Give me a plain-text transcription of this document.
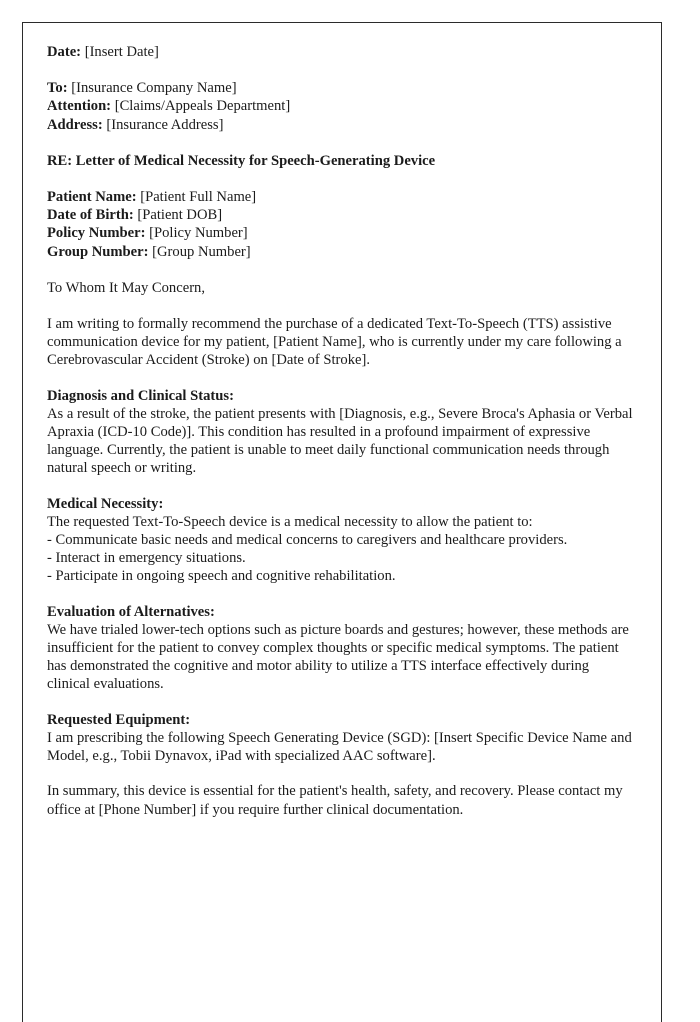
Date: [Insert Date]
To: [Insurance Company Name]
Attention: [Claims/Appeals Department]
Address: [Insurance Address]
RE: Letter of Medical Necessity for Speech-Generating Device
Patient Name: [Patient Full Name]
Date of Birth: [Patient DOB]
Policy Number: [Policy Number]
Group Number: [Group Number]
To Whom It May Concern,

I am writing to formally recommend the purchase of a dedicated Text-To-Speech (TTS) assistive communication device for my patient, [Patient Name], who is currently under my care following a Cerebrovascular Accident (Stroke) on [Date of Stroke].

Diagnosis and Clinical Status:

As a result of the stroke, the patient presents with [Diagnosis, e.g., Severe Broca's Aphasia or Verbal Apraxia (ICD-10 Code)]. This condition has resulted in a profound impairment of expressive language. Currently, the patient is unable to meet daily functional communication needs through natural speech or writing.

Medical Necessity:

The requested Text-To-Speech device is a medical necessity to allow the patient to:

- Communicate basic needs and medical concerns to caregivers and healthcare providers.
- Interact in emergency situations.
- Participate in ongoing speech and cognitive rehabilitation.
Evaluation of Alternatives:

We have trialed lower-tech options such as picture boards and gestures; however, these methods are insufficient for the patient to convey complex thoughts or specific medical symptoms. The patient has demonstrated the cognitive and motor ability to utilize a TTS interface effectively during clinical evaluations.

Requested Equipment:

I am prescribing the following Speech Generating Device (SGD): [Insert Specific Device Name and Model, e.g., Tobii Dynavox, iPad with specialized AAC software].

In summary, this device is essential for the patient's health, safety, and recovery. Please contact my office at [Phone Number] if you require further clinical documentation.
